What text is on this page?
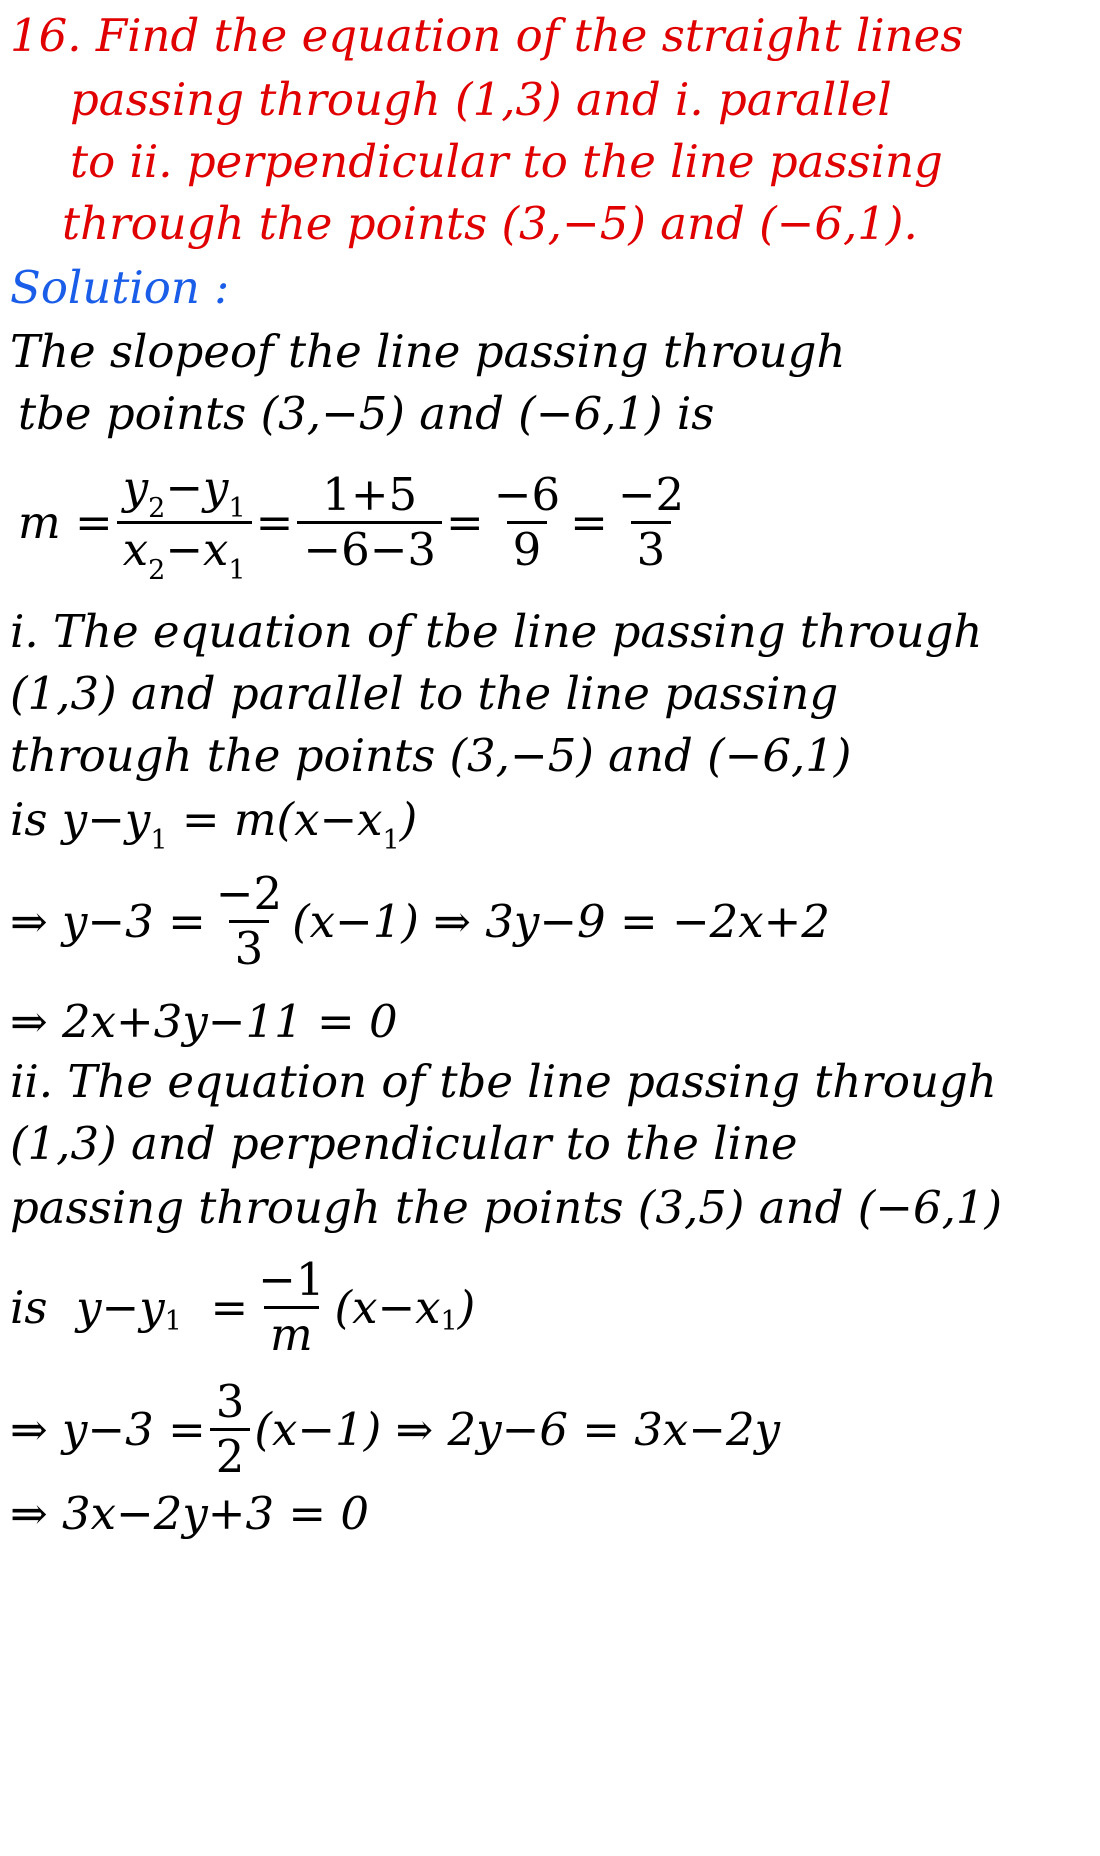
16. Find the equation of the straight lines
passing through (1,3) and i. parallel
to ii. perpendicular to the line passing
through the points (3,−5) and (−6,1).
Solution :
The slopeof the line passing through
tbe points (3,−5) and (−6,1) is
$m = \frac{y_2-y_1}{x_2-x_1} = \frac{1+5}{-6-3} = \frac{-6}{9} = \frac{-2}{3}$
i. The equation of tbe line passing through
(1,3) and parallel to the line passing
through the points (3,−5) and (−6,1)
is $y-y_1 = m(x-x_1)$
⇒ $y-3 = \frac{-2}{3} (x-1)$ ⇒ 3y−9 = −2x+2
⇒ 2x+3y−11 = 0
ii. The equation of tbe line passing through
(1,3) and perpendicular to the line
passing through the points (3,5) and (−6,1)
is  y−y $1 = \frac{-1}{m} (x-x$ 1 )
⇒ $y-3 = \frac{3}{2} (x-1)$ ⇒ 2y−6 = 3x−2y
⇒ 3x−2y+3 = 0
